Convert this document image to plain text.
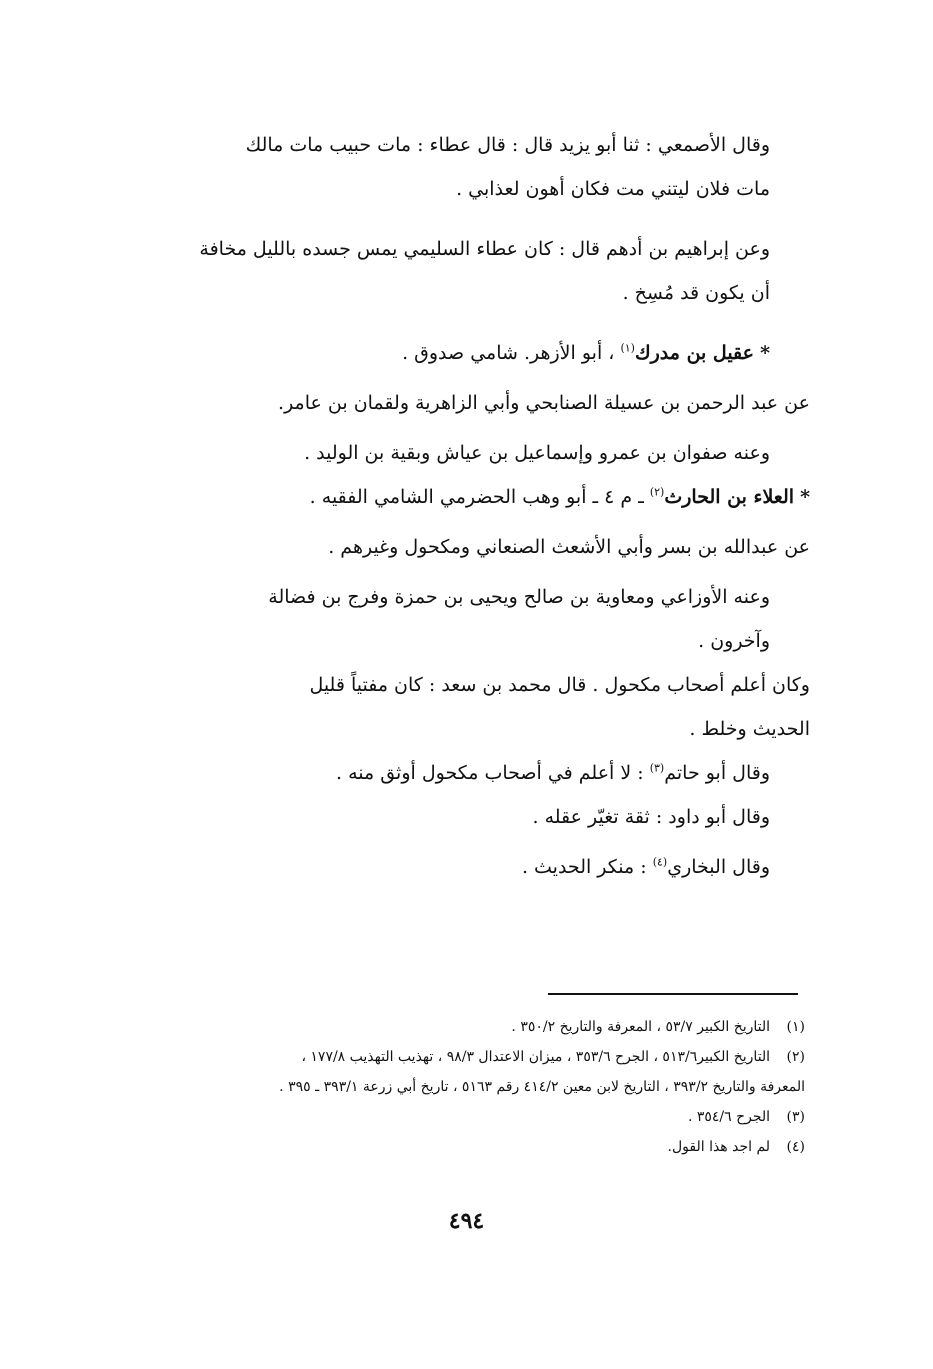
وقال الأصمعي : ثنا أبو يزيد قال : قال عطاء : مات حبيب مات مالك
مات فلان ليتني مت فكان أهون لعذابي .

وعن إبراهيم بن أدهم قال : كان عطاء السليمي يمس جسده بالليل مخافة
أن يكون قد مُسِخ .

* عقيل بن مدرك$^{(١)}$ ، أبو الأزهر. شامي صدوق .

عن عبد الرحمن بن عسيلة الصنابحي وأبي الزاهرية ولقمان بن عامر.

وعنه صفوان بن عمرو وإسماعيل بن عياش وبقية بن الوليد .

* العلاء بن الحارث$^{(٢)}$ ـ م ٤ ـ أبو وهب الحضرمي الشامي الفقيه .

عن عبدالله بن بسر وأبي الأشعث الصنعاني ومكحول وغيرهم .

وعنه الأوزاعي ومعاوية بن صالح ويحيى بن حمزة وفرج بن فضالة
وآخرون .

وكان أعلم أصحاب مكحول . قال محمد بن سعد : كان مفتياً قليل
الحديث وخلط .

وقال أبو حاتم$^{(٣)}$ : لا أعلم في أصحاب مكحول أوثق منه .

وقال أبو داود : ثقة تغيّر عقله .

وقال البخاري$^{(٤)}$ : منكر الحديث .

(١) التاريخ الكبير ٥٣/٧ ، المعرفة والتاريخ ٣٥٠/٢ .

(٢) التاريخ الكبير٥١٣/٦ ، الجرح ٣٥٣/٦ ، ميزان الاعتدال ٩٨/٣ ، تهذيب التهذيب ١٧٧/٨ ،

المعرفة والتاريخ ٣٩٣/٢ ، التاريخ لابن معين ٤١٤/٢ رقم ٥١٦٣ ، تاريخ أبي زرعة ٣٩٣/١ ـ ٣٩٥ .

(٣) الجرح ٣٥٤/٦ .

(٤) لم اجد هذا القول.

٤٩٤
